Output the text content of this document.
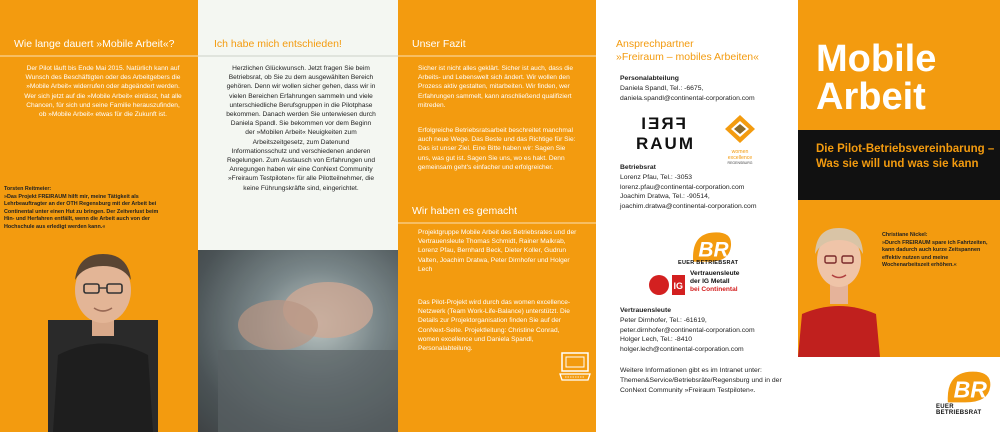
Wie lange dauert »Mobile Arbeit«?
Der Pilot läuft bis Ende Mai 2015. Natürlich kann auf Wunsch des Beschäftigten oder des Arbeitgebers die »Mobile Arbeit« widerrufen oder abgeändert werden. Wer sich jetzt auf die »Mobile Arbeit« einlässt, hat alle Chancen, für sich und seine Familie herauszufinden, ob »Mobile Arbeit« etwas für die Zukunft ist.
Torsten Reitmeier:
»Das Projekt FREIRAUM hilft mir, meine Tätigkeit als Lehrbeauftragter an der OTH Regensburg mit der Arbeit bei Continental unter einen Hut zu bringen. Der Zeitverlust beim Hin- und Herfahren entfällt, wenn die Arbeit auch von der Hochschule aus erledigt werden kann.«
Ich habe mich entschieden!
Herzlichen Glückwunsch. Jetzt fragen Sie beim Betriebsrat, ob Sie zu dem ausgewählten Bereich gehören. Denn wir wollen sicher gehen, dass wir in vielen Bereichen Erfahrungen sammeln und viele unterschiedliche Berufsgruppen in die Pilotphase bekommen. Danach werden Sie unterwiesen durch Daniela Spandl. Sie bekommen vor dem Beginn der »Mobilen Arbeit« Neuigkeiten zum Arbeitszeitgesetz, zum Datenund Informationsschutz und verschiedenen anderen Regelungen. Zum Austausch von Erfahrungen und Anregungen haben wir eine ConNext Community »Freiraum Testpiloten« für alle Pilotteilnehmer, die keine Führungskräfte sind, eingerichtet.
Unser Fazit
Sicher ist nicht alles geklärt. Sicher ist auch, dass die Arbeits- und Lebenswelt sich ändert. Wir wollen den Prozess aktiv gestalten, mitarbeiten. Wir finden, wer Erfahrungen sammelt, kann anschließend qualifiziert mitreden.
Erfolgreiche Betriebsratsarbeit beschreitet manchmal auch neue Wege. Das Beste und das Richtige für Sie: Das ist unser Ziel. Eine Bitte haben wir: Sagen Sie uns, was gut ist. Sagen Sie uns, wo es hakt. Denn gemeinsam geht's einfacher und erfolgreicher.
Wir haben es gemacht
Projektgruppe Mobile Arbeit des Betriebsrates und der Vertrauensleute Thomas Schmidt, Rainer Malkrab, Lorenz Pfau, Bernhard Beck, Dieter Koller, Gudrun Valten, Joachim Dratwa, Peter Dirnhofer und Holger Lech
Das Pilot-Projekt wird durch das women excellence-Netzwerk (Team Work-Life-Balance) unterstützt. Die Details zur Projektorganisation finden Sie auf der ConNext-Seite. Projektleitung: Christine Conrad, women excellence und Daniela Spandl, Personalabteilung.
Ansprechpartner
»Freiraum – mobiles Arbeiten«
Personalabteilung
Daniela Spandl, Tel.: -6675,
daniela.spandl@continental-corporation.com
FREI
RAUM	women
excellence
REGENSBURG
Betriebsrat
Lorenz Pfau, Tel.: -3053
lorenz.pfau@continental-corporation.com
Joachim Dratwa, Tel.: -90514,
joachim.dratwa@continental-corporation.com
BR
EUER BETRIEBSRAT
IG
Vertrauensleute
der IG Metall
bei Continental
Vertrauensleute
Peter Dirnhofer, Tel.: -61619,
peter.dirnhofer@continental-corporation.com
Holger Lech, Tel.: -8410
holger.lech@continental-corporation.com
Weitere Informationen gibt es im Intranet unter: Themen&Service/Betriebsräte/Regensburg und in der ConNext Community »Freiraum Testpiloten«.
Mobile
Arbeit
Die Pilot-Betriebsvereinbarung – Was sie will und was sie kann
Christiane Nickel:
»Durch FREIRAUM spare ich Fahrtzeiten, kann dadurch auch kurze Zeitspannen effektiv nutzen und meine Wochenarbeitszeit erhöhen.«
BR
EUER BETRIEBSRAT
